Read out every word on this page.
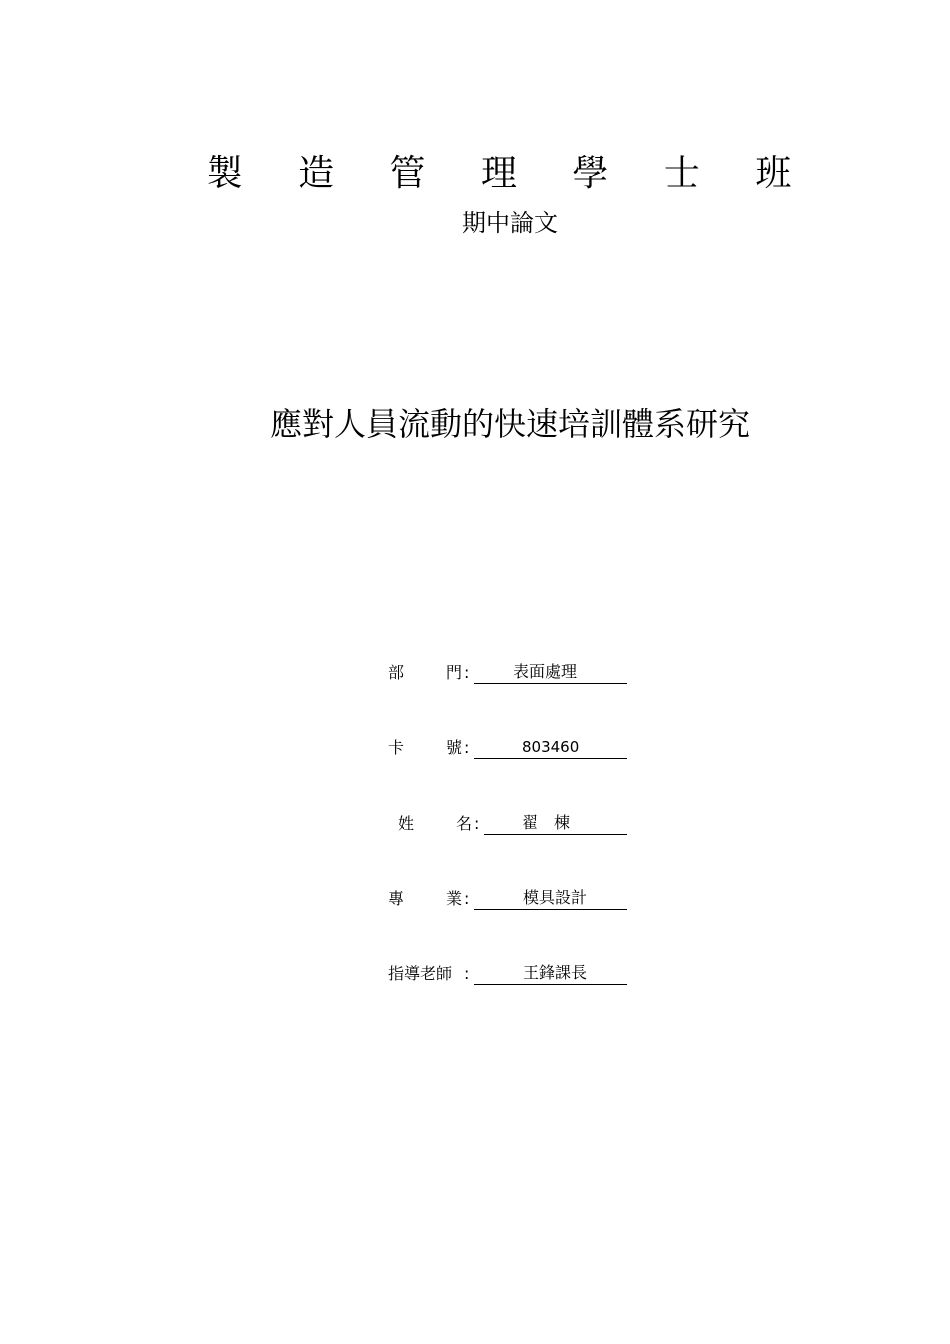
製 造 管 理 學 士 班
期中論文
應對人員流動的快速培訓體系研究
部	門 :	表面處理
卡	號 :	803460
姓	名 :	翟　棟
專	業 :	模具設計
指導老師 :	王鋒課長
